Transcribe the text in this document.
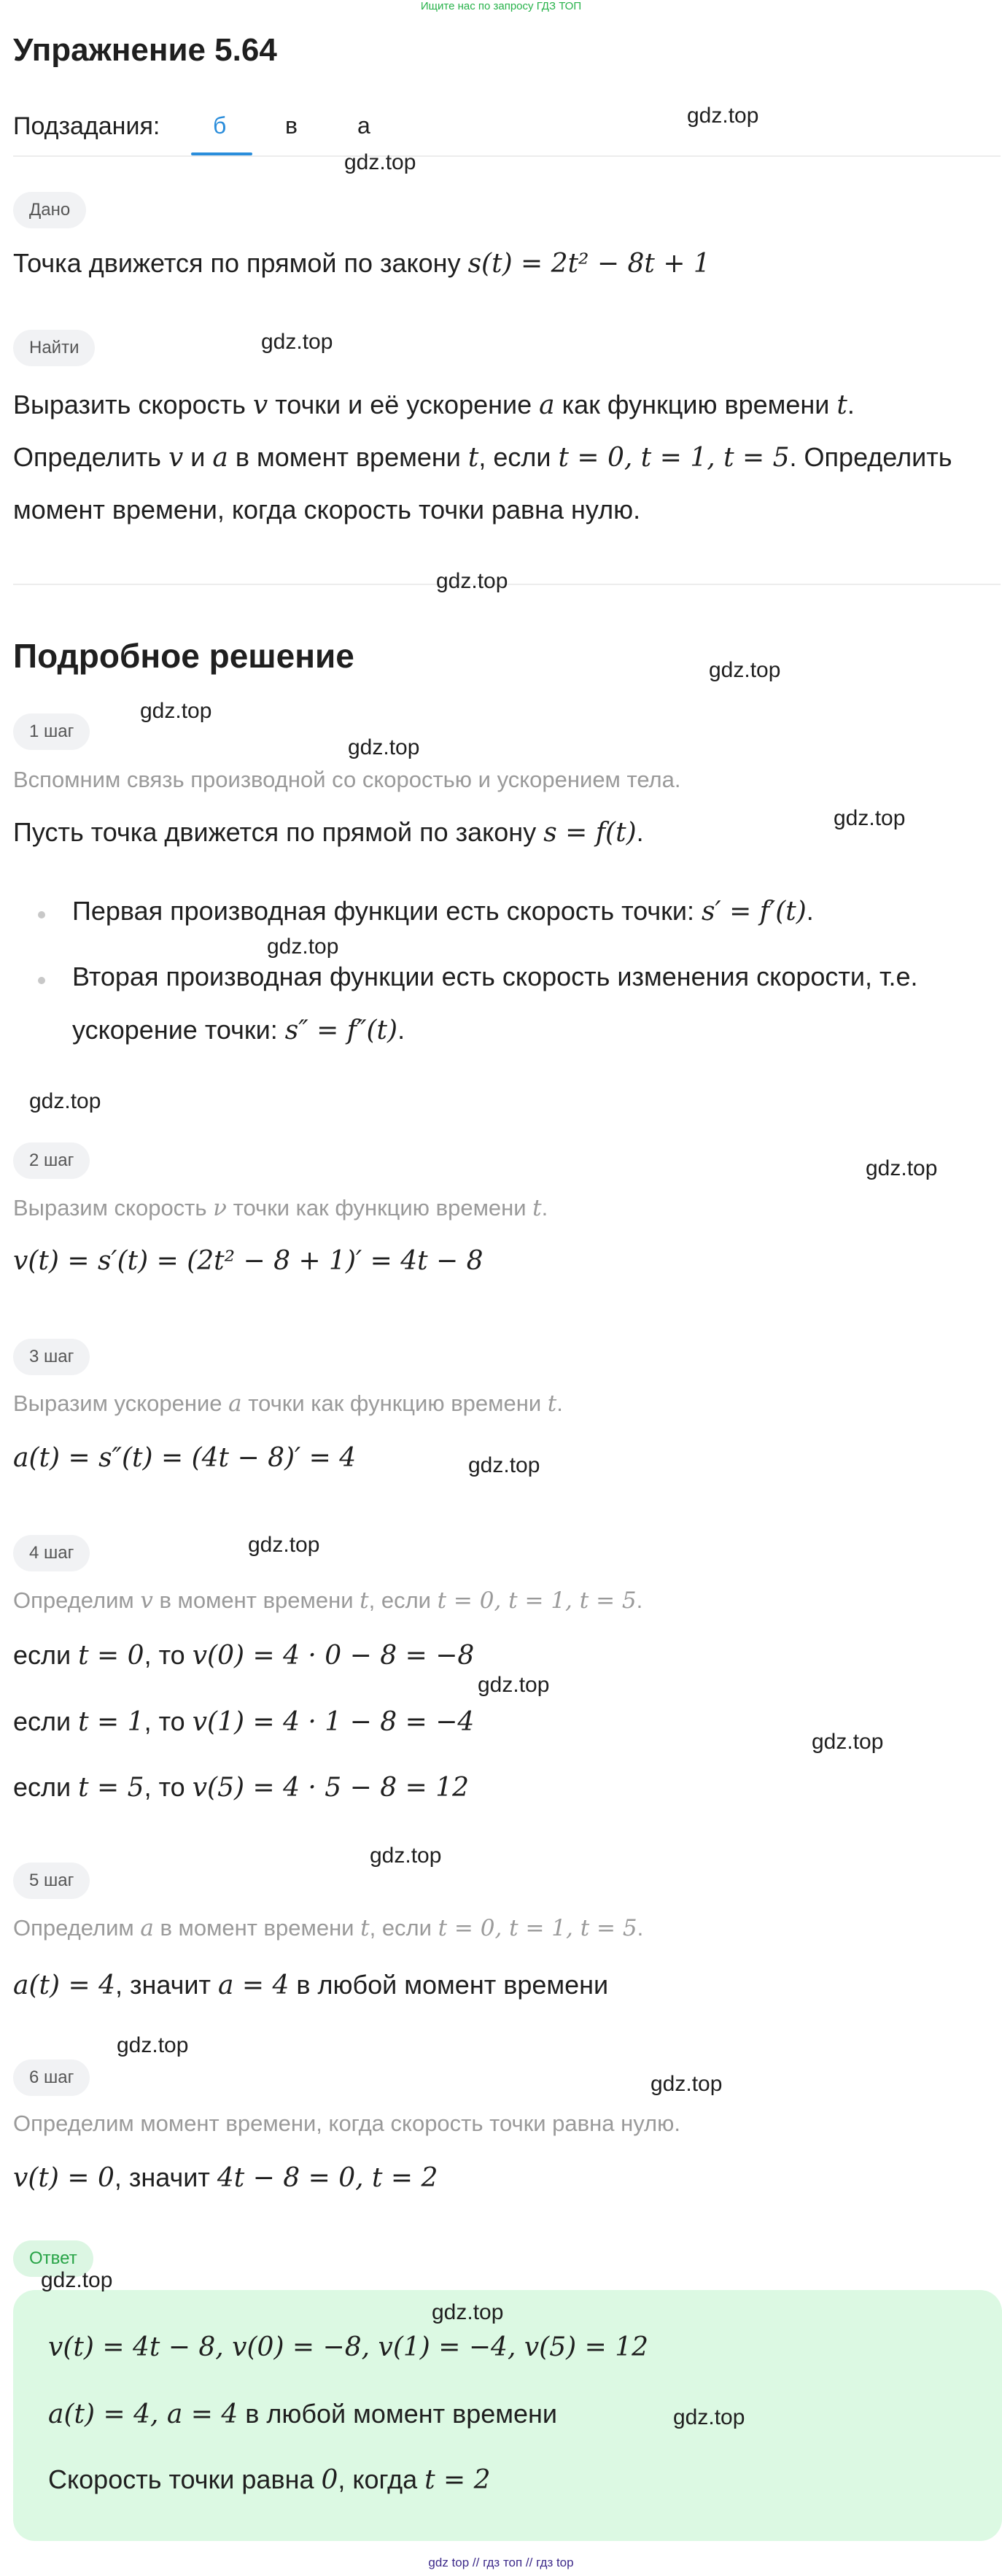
Ищите нас по запросу ГДЗ ТОП
Упражнение 5.64
Подзадания: б	в	а
Дано
Точка движется по прямой по закону s(t) = 2t² − 8t + 1
Найти
Выразить скорость v точки и её ускорение a как функцию времени t.
Определить v и a в момент времени t, если t = 0, t = 1, t = 5. Определить
момент времени, когда скорость точки равна нулю.
Подробное решение
1 шаг
Вспомним связь производной со скоростью и ускорением тела.
Пусть точка движется по прямой по закону s = f(t).
Первая производная функции есть скорость точки: s′ = f′(t).
Вторая производная функции есть скорость изменения скорости, т.е.
ускорение точки: s″ = f″(t).
2 шаг
Выразим скорость ν точки как функцию времени t.
v(t) = s′(t) = (2t² − 8 + 1)′ = 4t − 8
3 шаг
Выразим ускорение a точки как функцию времени t.
a(t) = s″(t) = (4t − 8)′ = 4
4 шаг
Определим v в момент времени t, если t = 0, t = 1, t = 5.
если t = 0, то v(0) = 4 · 0 − 8 = −8
если t = 1, то v(1) = 4 · 1 − 8 = −4
если t = 5, то v(5) = 4 · 5 − 8 = 12
5 шаг
Определим a в момент времени t, если t = 0, t = 1, t = 5.
a(t) = 4, значит a = 4 в любой момент времени
6 шаг
Определим момент времени, когда скорость точки равна нулю.
v(t) = 0, значит 4t − 8 = 0, t = 2
Ответ
v(t) = 4t − 8, v(0) = −8, v(1) = −4, v(5) = 12
a(t) = 4, a = 4 в любой момент времени
Скорость точки равна 0, когда t = 2
gdz.top
gdz.top
gdz.top
gdz.top
gdz.top
gdz.top
gdz.top
gdz.top
gdz.top
gdz.top
gdz.top
gdz.top
gdz.top
gdz.top
gdz.top
gdz.top
gdz.top
gdz.top
gdz.top
gdz.top
gdz.top
gdz top // гдз топ // гдз top
